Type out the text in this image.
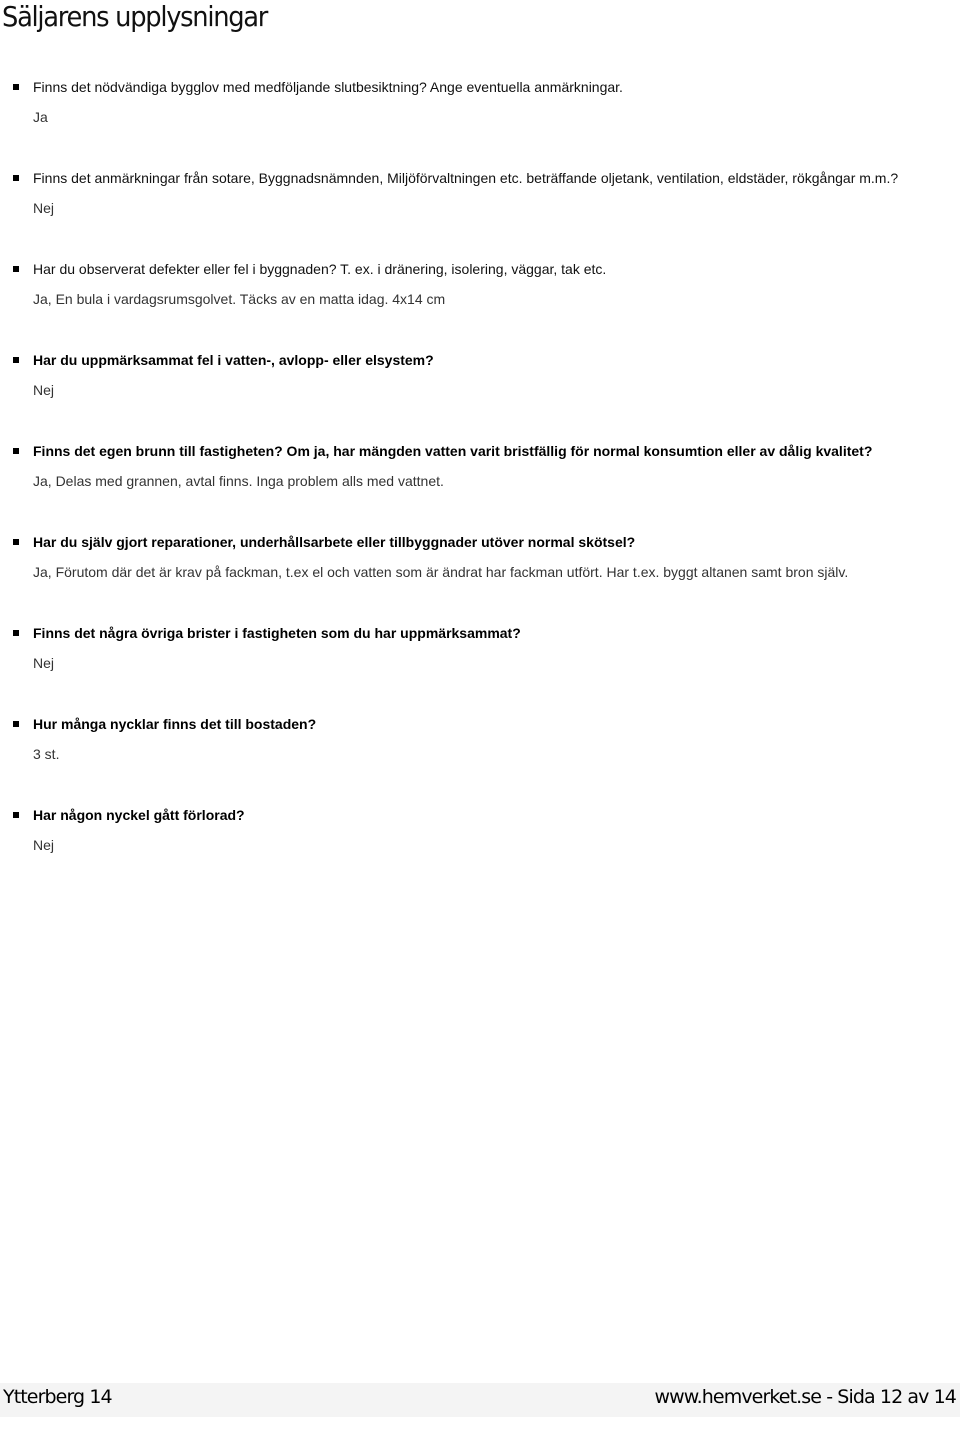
Säljarens upplysningar
Finns det nödvändiga bygglov med medföljande slutbesiktning? Ange eventuella anmärkningar.
Ja
Finns det anmärkningar från sotare, Byggnadsnämnden, Miljöförvaltningen etc. beträffande oljetank, ventilation, eldstäder, rökgångar m.m.?
Nej
Har du observerat defekter eller fel i byggnaden? T. ex. i dränering, isolering, väggar, tak etc.
Ja, En bula i vardagsrumsgolvet. Täcks av en matta idag. 4x14 cm
Har du uppmärksammat fel i vatten-, avlopp- eller elsystem?
Nej
Finns det egen brunn till fastigheten? Om ja, har mängden vatten varit bristfällig för normal konsumtion eller av dålig kvalitet?
Ja, Delas med grannen, avtal finns. Inga problem alls med vattnet.
Har du själv gjort reparationer, underhållsarbete eller tillbyggnader utöver normal skötsel?
Ja, Förutom där det är krav på fackman, t.ex el och vatten som är ändrat har fackman utfört. Har t.ex. byggt altanen samt bron själv.
Finns det några övriga brister i fastigheten som du har uppmärksammat?
Nej
Hur många nycklar finns det till bostaden?
3 st.
Har någon nyckel gått förlorad?
Nej
Ytterberg 14	www.hemverket.se - Sida 12 av 14
